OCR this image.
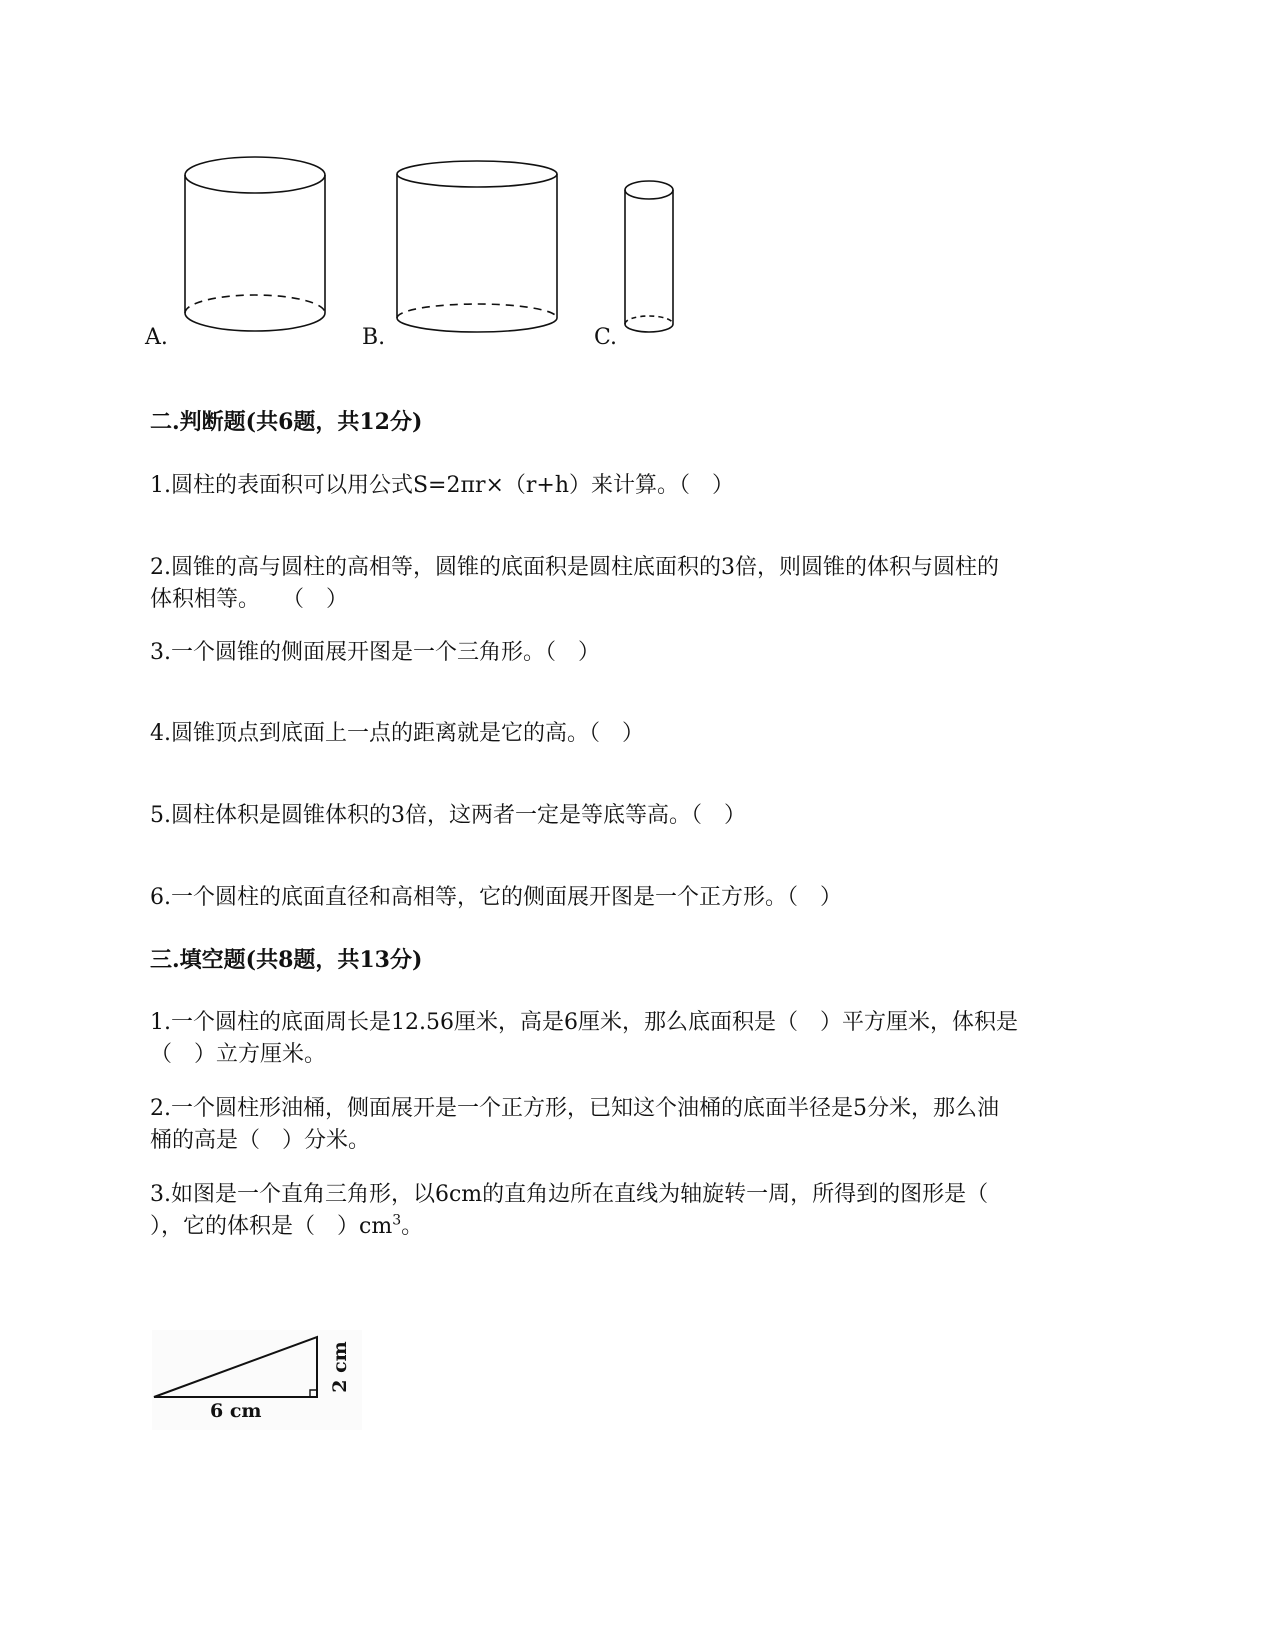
A.	B.	C.
二.判断题(共6题，共12分)
1.圆柱的表面积可以用公式S=2πr×（r+h）来计算。（　）
2.圆锥的高与圆柱的高相等，圆锥的底面积是圆柱底面积的3倍，则圆锥的体积与圆柱的
体积相等。　　（　）
3.一个圆锥的侧面展开图是一个三角形。（　）
4.圆锥顶点到底面上一点的距离就是它的高。（　）
5.圆柱体积是圆锥体积的3倍，这两者一定是等底等高。（　）
6.一个圆柱的底面直径和高相等，它的侧面展开图是一个正方形。（　）
三.填空题(共8题，共13分)
1.一个圆柱的底面周长是12.56厘米，高是6厘米，那么底面积是（　）平方厘米，体积是
（　）立方厘米。
2.一个圆柱形油桶，侧面展开是一个正方形，已知这个油桶的底面半径是5分米，那么油
桶的高是（　）分米。
3.如图是一个直角三角形，以6cm的直角边所在直线为轴旋转一周，所得到的图形是（
），它的体积是（　）$cm^3$。
6 cm
2 cm
